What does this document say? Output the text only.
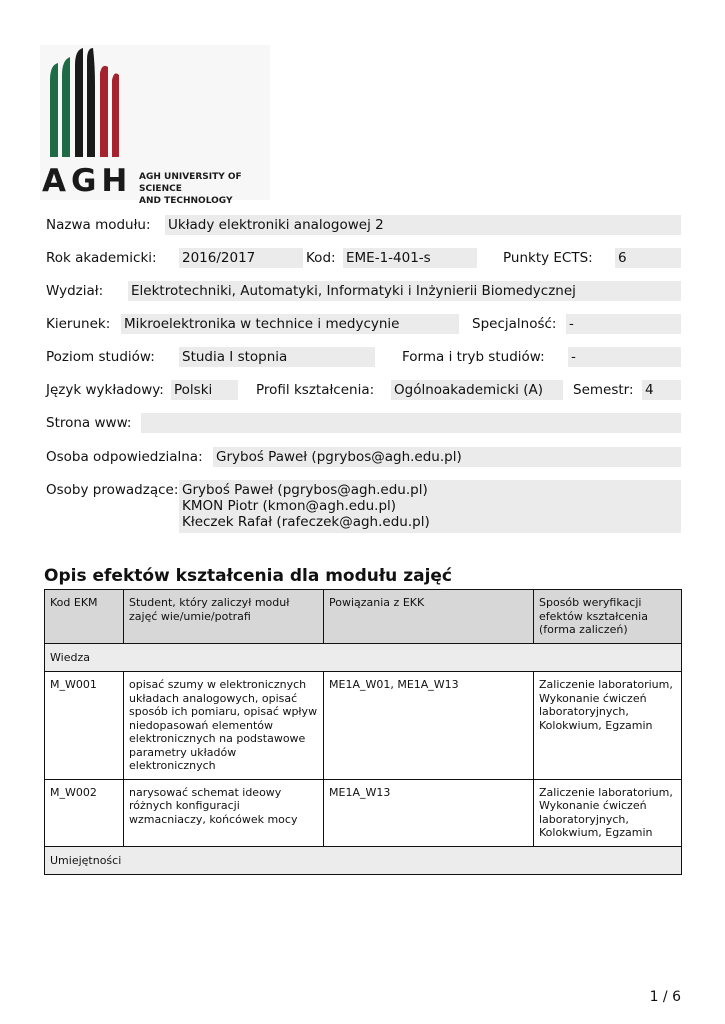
AGH AGH UNIVERSITY OF SCIENCE
AND TECHNOLOGY
Nazwa modułu: Układy elektroniki analogowej 2
Rok akademicki: 2016/2017	Kod: EME-1-401-s	Punkty ECTS: 6
Wydział: Elektrotechniki, Automatyki, Informatyki i Inżynierii Biomedycznej
Kierunek: Mikroelektronika w technice i medycynie	Specjalność: -
Poziom studiów: Studia I stopnia	Forma i tryb studiów: -
Język wykładowy: Polski	Profil kształcenia: Ogólnoakademicki (A)	Semestr: 4
Strona www:
Osoba odpowiedzialna: Gryboś Paweł (pgrybos@agh.edu.pl)
Osoby prowadzące: Gryboś Paweł (pgrybos@agh.edu.pl)
KMON Piotr (kmon@agh.edu.pl)
Kłeczek Rafał (rafeczek@agh.edu.pl)
Opis efektów kształcenia dla modułu zajęć
Kod EKM	Student, który zaliczył moduł zajęć wie/umie/potrafi	Powiązania z EKK	Sposób weryfikacji efektów kształcenia (forma zaliczeń)
Wiedza			
M_W001	opisać szumy w elektronicznych układach analogowych, opisać sposób ich pomiaru, opisać wpływ niedopasowań elementów elektronicznych na podstawowe parametry układów elektronicznych	ME1A_W01, ME1A_W13	Zaliczenie laboratorium, Wykonanie ćwiczeń laboratoryjnych, Kolokwium, Egzamin
M_W002	narysować schemat ideowy różnych konfiguracji wzmacniaczy, końcówek mocy	ME1A_W13	Zaliczenie laboratorium, Wykonanie ćwiczeń laboratoryjnych, Kolokwium, Egzamin
Umiejętności			
1 / 6
